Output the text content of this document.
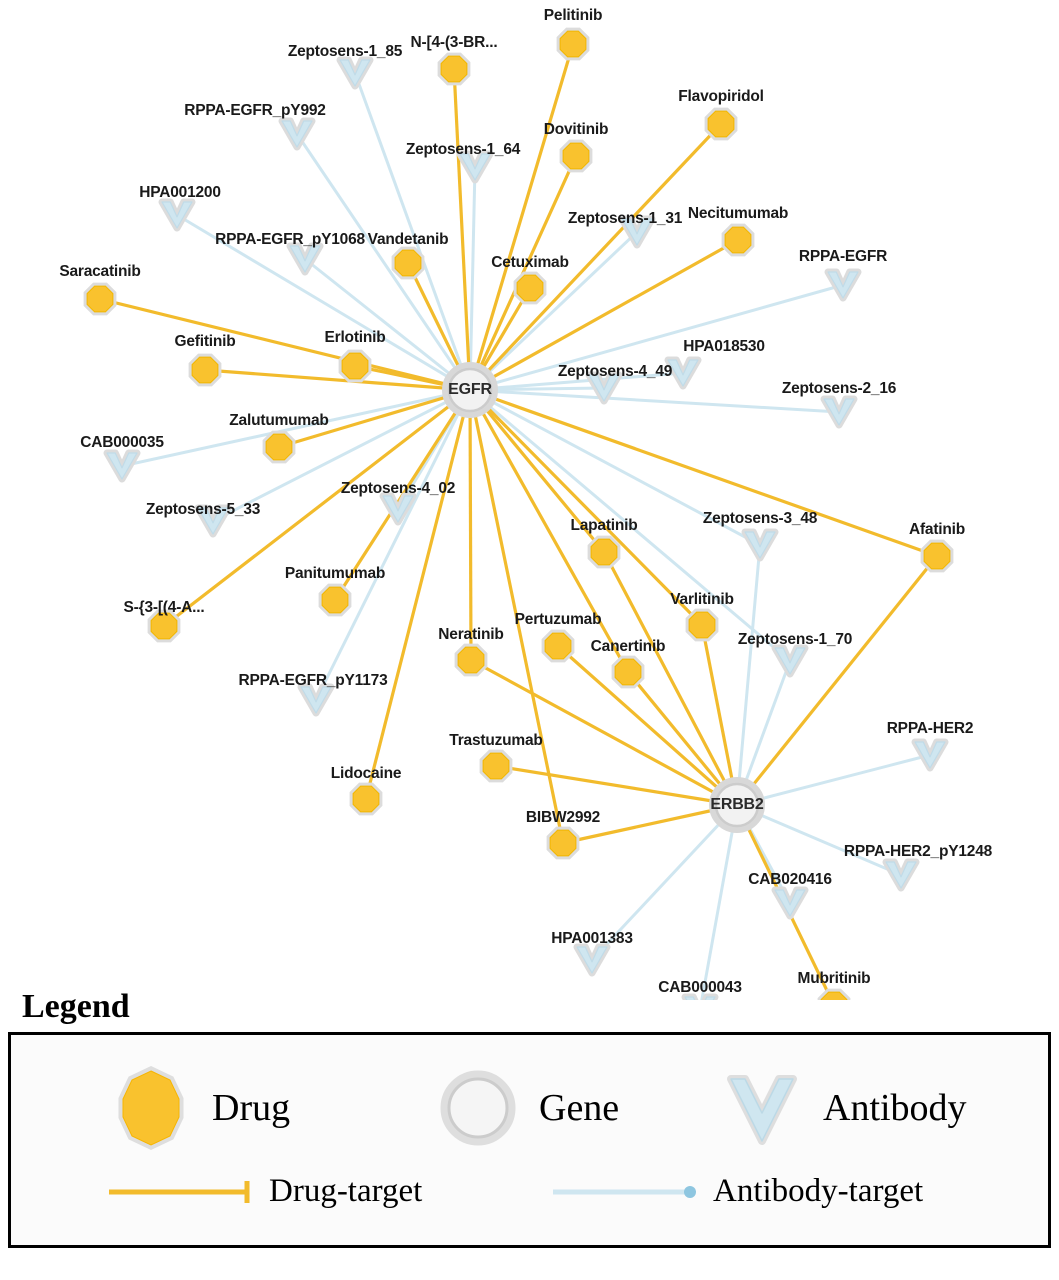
Zeptosens-1_85
RPPA-EGFR_pY992
Zeptosens-1_64
HPA001200
Zeptosens-1_31
RPPA-EGFR_pY1068
RPPA-EGFR
HPA018530
Zeptosens-4_49
Zeptosens-2_16
CAB000035
Zeptosens-5_33
Zeptosens-4_02
Zeptosens-3_48
Zeptosens-1_70
RPPA-EGFR_pY1173
RPPA-HER2
RPPA-HER2_pY1248
CAB020416
HPA001383
CAB000043
Pelitinib
N-[4-(3-BR...
Flavopiridol
Dovitinib
Necitumumab
Vandetanib
Cetuximab
Saracatinib
Gefitinib	Erlotinib
Zalutumumab
Lapatinib	Afatinib
Panitumumab
S-{3-[(4-A...	Varlitinib
Pertuzumab
Neratinib
Canertinib
Trastuzumab
Lidocaine
BIBW2992
Mubritinib
EGFR
ERBB2
Legend
Drug	Gene	Antibody
Drug-target	Antibody-target
